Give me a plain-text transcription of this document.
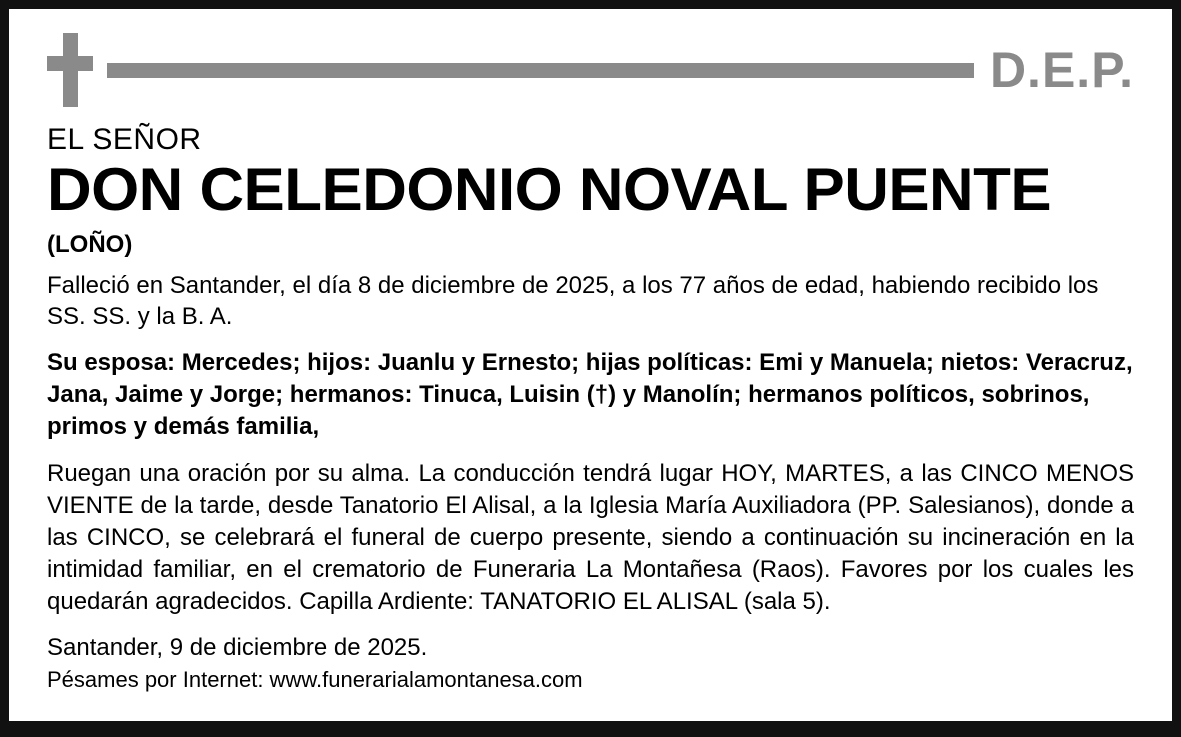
D.E.P.
EL SEÑOR
DON CELEDONIO NOVAL PUENTE
(LOÑO)
Falleció en Santander, el día 8 de diciembre de 2025, a los 77 años de edad, habiendo recibido los SS. SS. y la B. A.
Su esposa: Mercedes; hijos: Juanlu y Ernesto; hijas políticas: Emi y Manuela; nietos: Veracruz, Jana, Jaime y Jorge; hermanos: Tinuca, Luisin (†) y Manolín; hermanos políticos, sobrinos, primos y demás familia,
Ruegan una oración por su alma. La conducción tendrá lugar HOY, MARTES, a las CINCO MENOS VIENTE de la tarde, desde Tanatorio El Alisal, a la Iglesia María Auxiliadora (PP. Salesianos), donde a las CINCO, se celebrará el funeral de cuerpo presente, siendo a continuación su incineración en la intimidad familiar, en el crematorio de Funeraria La Montañesa (Raos). Favores por los cuales les quedarán agradecidos. Capilla Ardiente: TANATORIO EL ALISAL (sala 5).
Santander, 9 de diciembre de 2025.
Pésames por Internet: www.funerarialamontanesa.com
